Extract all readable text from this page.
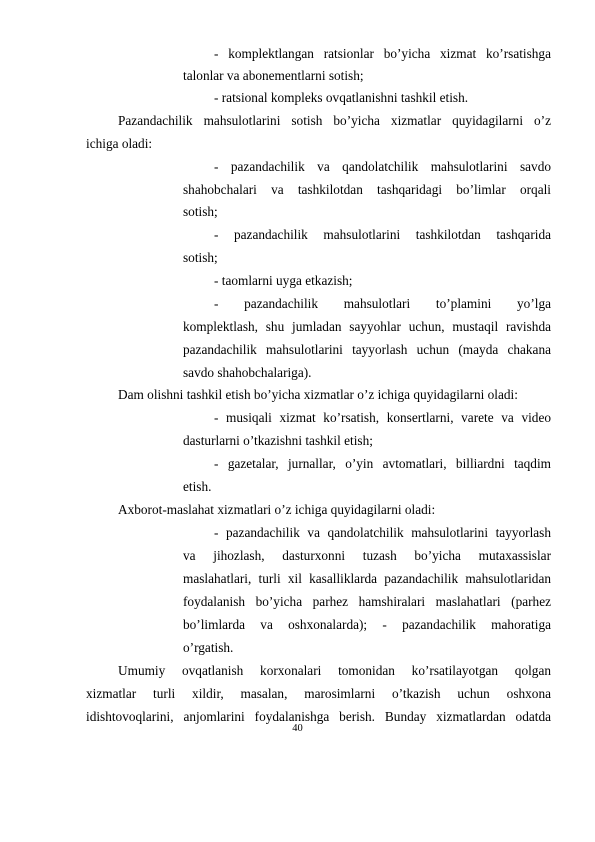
- komplektlangan ratsionlar bo’yicha xizmat ko’rsatishga
talonlar va abonementlarni sotish;
- ratsional kompleks ovqatlanishni tashkil etish.
Pazandachilik mahsulotlarini sotish bo’yicha xizmatlar quyidagilarni o’z
ichiga oladi:
- pazandachilik va qandolatchilik mahsulotlarini savdo
shahobchalari va tashkilotdan tashqaridagi bo’limlar orqali
sotish;
- pazandachilik mahsulotlarini tashkilotdan tashqarida
sotish;
- taomlarni uyga etkazish;
- pazandachilik mahsulotlari to’plamini yo’lga
komplektlash, shu jumladan sayyohlar uchun, mustaqil ravishda
pazandachilik mahsulotlarini tayyorlash uchun (mayda chakana
savdo shahobchalariga).
Dam olishni tashkil etish bo’yicha xizmatlar o’z ichiga quyidagilarni oladi:
- musiqali xizmat ko’rsatish, konsertlarni, varete va video
dasturlarni o’tkazishni tashkil etish;
- gazetalar, jurnallar, o’yin avtomatlari, billiardni taqdim
etish.
Axborot-maslahat xizmatlari o’z ichiga quyidagilarni oladi:
- pazandachilik va qandolatchilik mahsulotlarini tayyorlash
va jihozlash, dasturxonni tuzash bo’yicha mutaxassislar
maslahatlari, turli xil kasalliklarda pazandachilik mahsulotlaridan
foydalanish bo’yicha parhez hamshiralari maslahatlari (parhez
bo’limlarda va oshxonalarda); - pazandachilik mahoratiga
o’rgatish.
Umumiy ovqatlanish korxonalari tomonidan ko’rsatilayotgan qolgan
xizmatlar turli xildir, masalan, marosimlarni o’tkazish uchun oshxona
idishtovoqlarini, anjomlarini foydalanishga berish. Bunday xizmatlardan odatda
40
